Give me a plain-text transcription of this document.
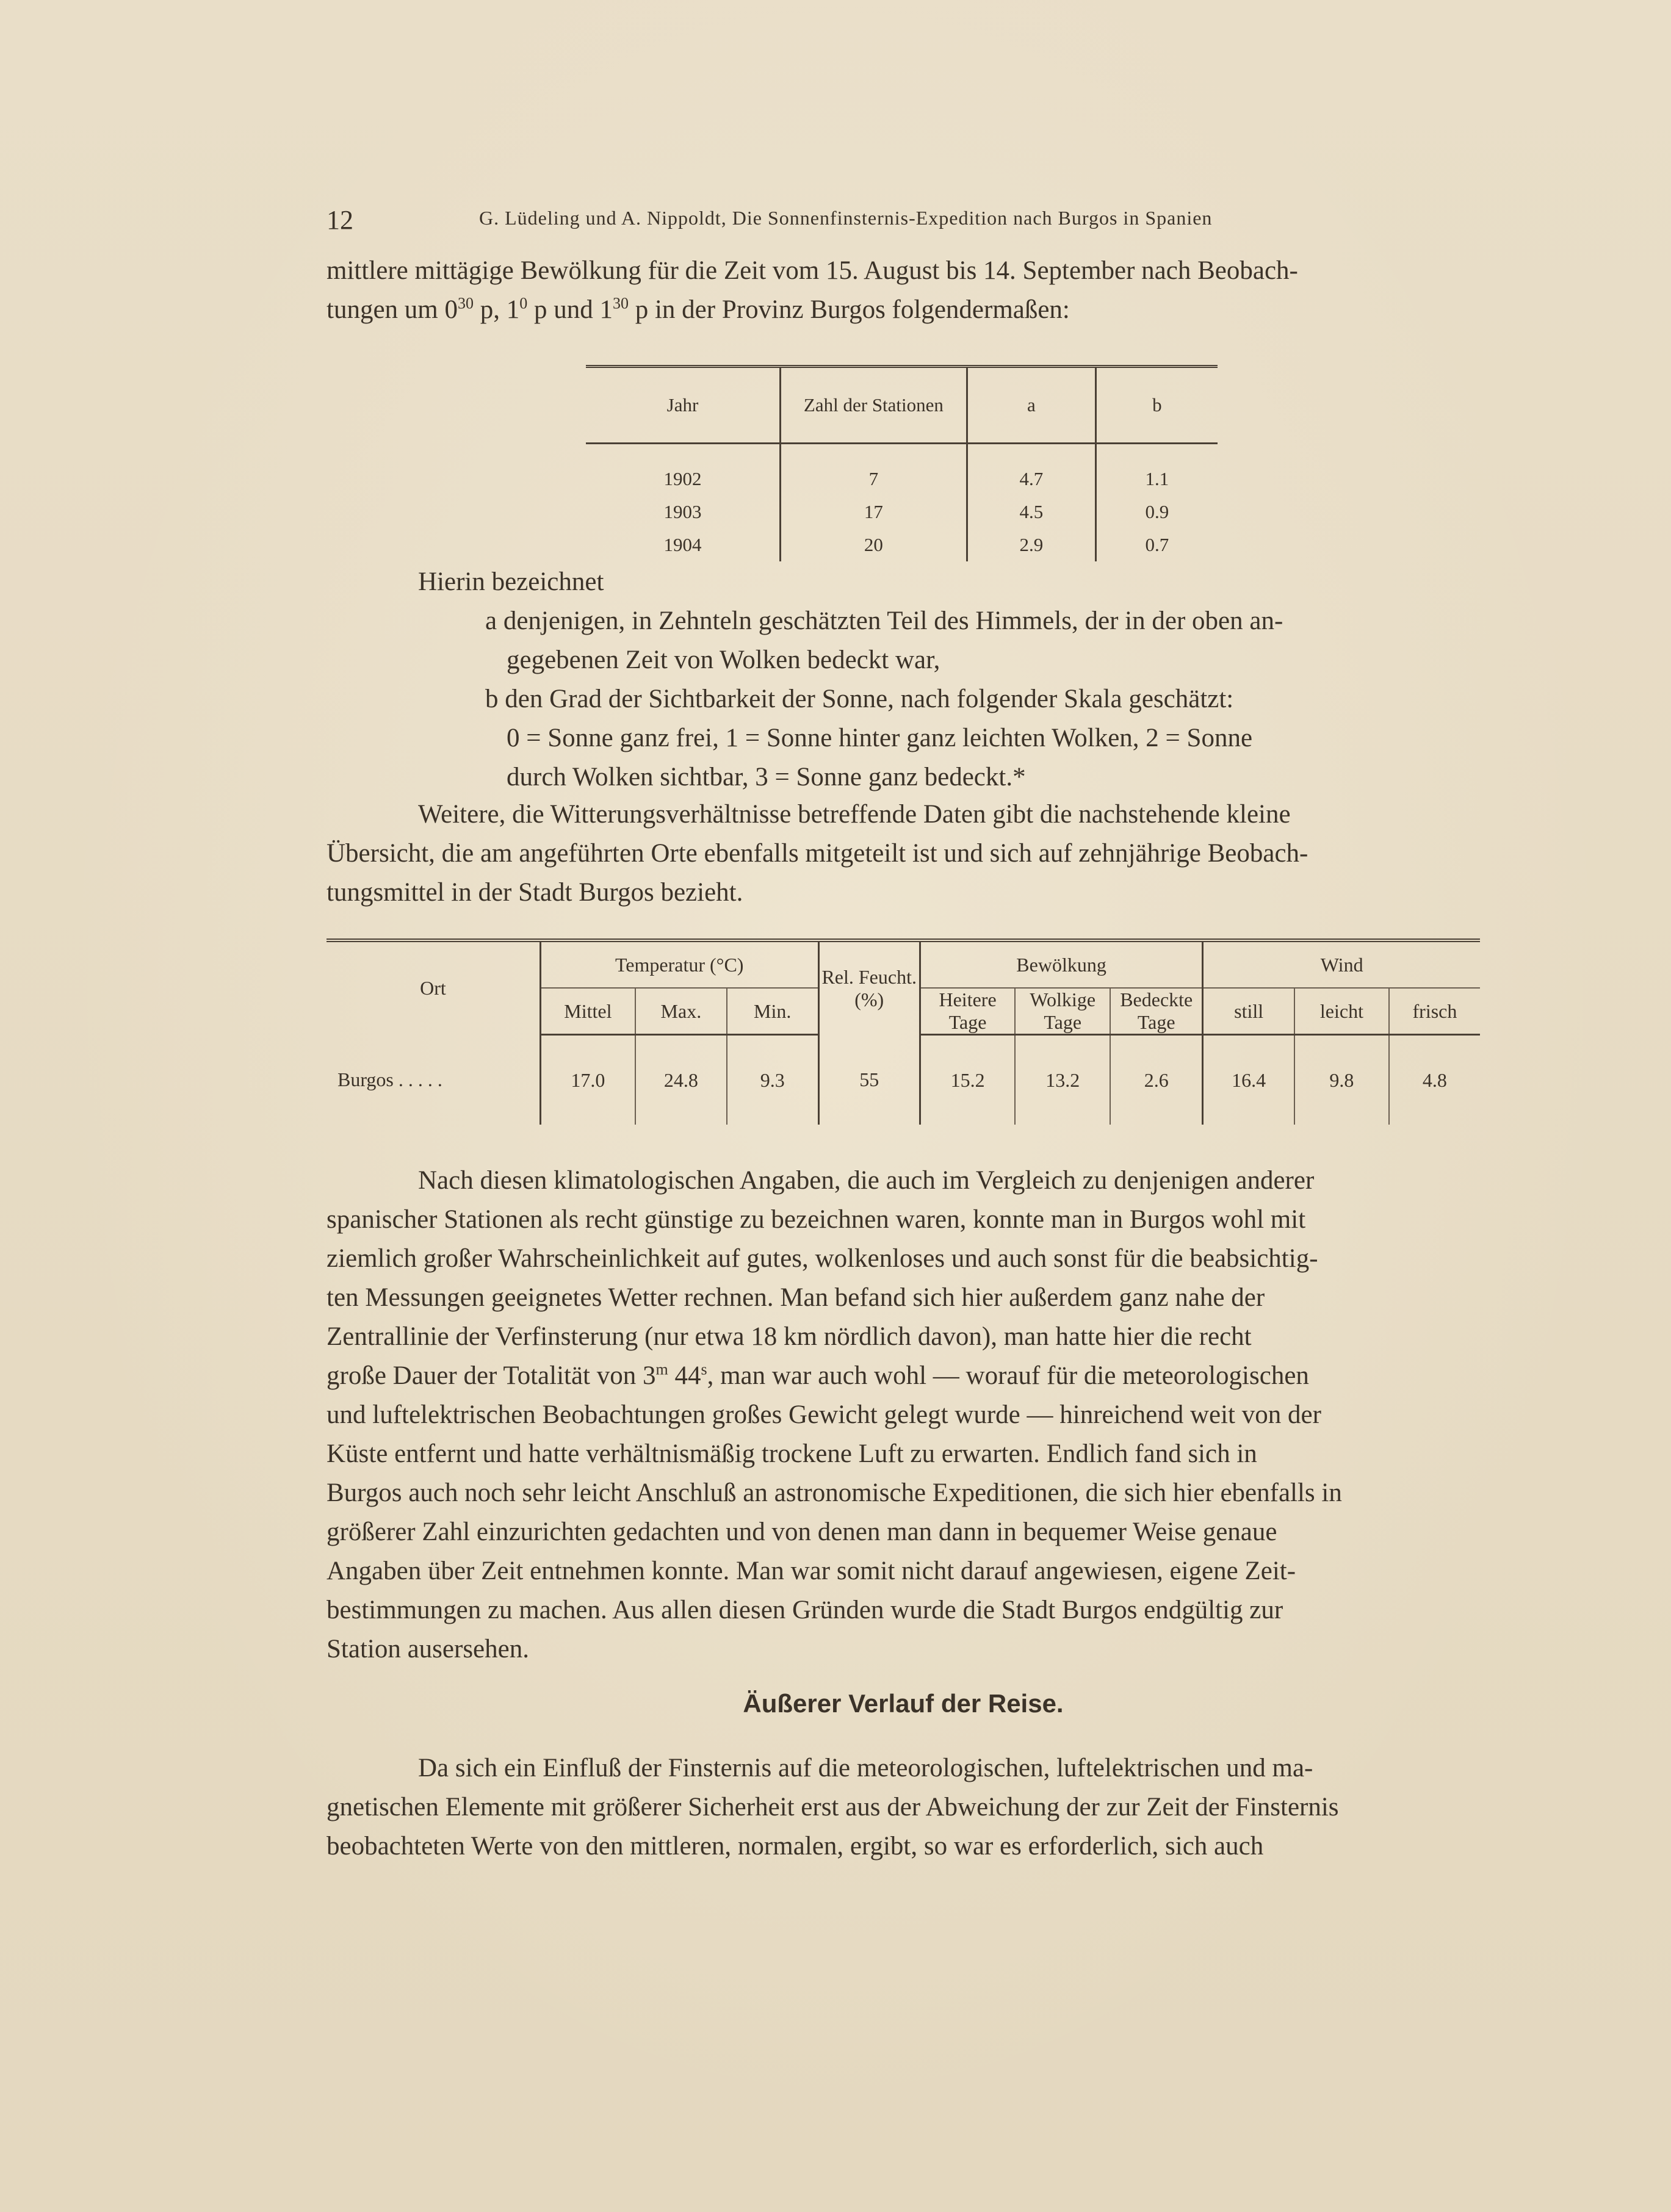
12	G. Lüdeling und A. Nippoldt, Die Sonnenfinsternis-Expedition nach Burgos in Spanien
mittlere mittägige Bewölkung für die Zeit vom 15. August bis 14. September nach Beobach-
tungen um $0^{30}$ p, $1^0$ p und $1^{30}$ p in der Provinz Burgos folgendermaßen:
Jahr	Zahl der Stationen	a	b
1902	7	4.7	1.1
1903	17	4.5	0.9
1904	20	2.9	0.7
Hierin bezeichnet
a denjenigen, in Zehnteln geschätzten Teil des Himmels, der in der oben an-
gegebenen Zeit von Wolken bedeckt war,
b den Grad der Sichtbarkeit der Sonne, nach folgender Skala geschätzt:
0 = Sonne ganz frei, 1 = Sonne hinter ganz leichten Wolken, 2 = Sonne
durch Wolken sichtbar, 3 = Sonne ganz bedeckt.*
Weitere, die Witterungsverhältnisse betreffende Daten gibt die nachstehende kleine
Übersicht, die am angeführten Orte ebenfalls mitgeteilt ist und sich auf zehnjährige Beobach-
tungsmittel in der Stadt Burgos bezieht.
Ort	Temperatur (°C)			Rel. Feucht. (%)	Bewölkung			Wind		
	Mittel	Max.	Min.		Heitere Tage	Wolkige Tage	Bedeckte Tage	still	leicht	frisch
Burgos . . . . .	17.0	24.8	9.3	55	15.2	13.2	2.6	16.4	9.8	4.8
Nach diesen klimatologischen Angaben, die auch im Vergleich zu denjenigen anderer
spanischer Stationen als recht günstige zu bezeichnen waren, konnte man in Burgos wohl mit
ziemlich großer Wahrscheinlichkeit auf gutes, wolkenloses und auch sonst für die beabsichtig-
ten Messungen geeignetes Wetter rechnen. Man befand sich hier außerdem ganz nahe der
Zentrallinie der Verfinsterung (nur etwa 18 km nördlich davon), man hatte hier die recht
große Dauer der Totalität von 3$^m$ 44$^s$, man war auch wohl — worauf für die meteorologischen
und luftelektrischen Beobachtungen großes Gewicht gelegt wurde — hinreichend weit von der
Küste entfernt und hatte verhältnismäßig trockene Luft zu erwarten. Endlich fand sich in
Burgos auch noch sehr leicht Anschluß an astronomische Expeditionen, die sich hier ebenfalls in
größerer Zahl einzurichten gedachten und von denen man dann in bequemer Weise genaue
Angaben über Zeit entnehmen konnte. Man war somit nicht darauf angewiesen, eigene Zeit-
bestimmungen zu machen. Aus allen diesen Gründen wurde die Stadt Burgos endgültig zur
Station ausersehen.
Äußerer Verlauf der Reise.
Da sich ein Einfluß der Finsternis auf die meteorologischen, luftelektrischen und ma-
gnetischen Elemente mit größerer Sicherheit erst aus der Abweichung der zur Zeit der Finsternis
beobachteten Werte von den mittleren, normalen, ergibt, so war es erforderlich, sich auch
